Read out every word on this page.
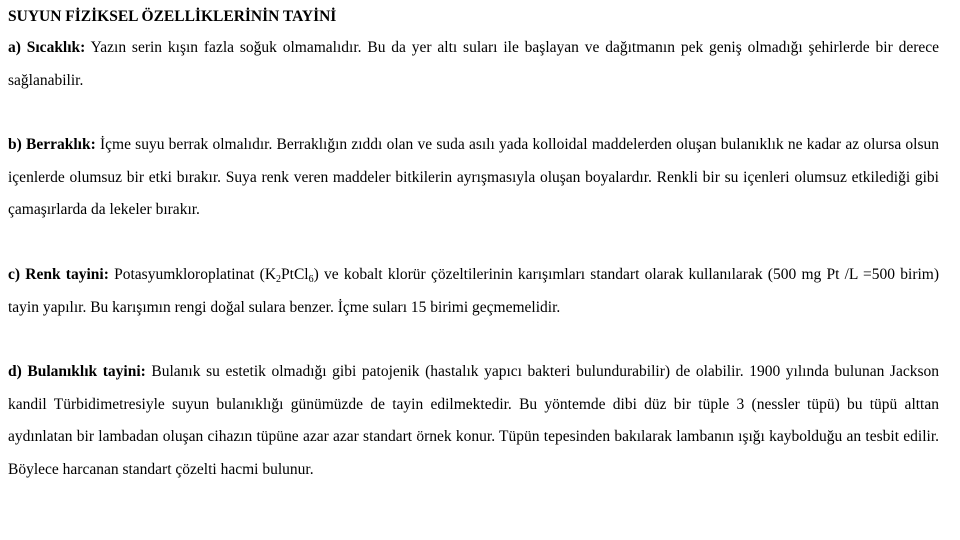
SUYUN FİZİKSEL ÖZELLİKLERİNİN TAYİNİ

a) Sıcaklık: Yazın serin kışın fazla soğuk olmamalıdır. Bu da yer altı suları ile başlayan ve dağıtmanın pek geniş olmadığı şehirlerde bir derece sağlanabilir.

b) Berraklık: İçme suyu berrak olmalıdır. Berraklığın zıddı olan ve suda asılı yada kolloidal maddelerden oluşan bulanıklık ne kadar az olursa olsun içenlerde olumsuz bir etki bırakır. Suya renk veren maddeler bitkilerin ayrışmasıyla oluşan boyalardır. Renkli bir su içenleri olumsuz etkilediği gibi çamaşırlarda da lekeler bırakır.

c) Renk tayini: Potasyumkloroplatinat $(K_2PtCl_6)$ ve kobalt klorür çözeltilerinin karışımları standart olarak kullanılarak (500 mg Pt /L =500 birim) tayin yapılır. Bu karışımın rengi doğal sulara benzer. İçme suları 15 birimi geçmemelidir.

d) Bulanıklık tayini: Bulanık su estetik olmadığı gibi patojenik (hastalık yapıcı bakteri bulundurabilir) de olabilir. 1900 yılında bulunan Jackson kandil Türbidimetresiyle suyun bulanıklığı günümüzde de tayin edilmektedir. Bu yöntemde dibi düz bir tüple 3 (nessler tüpü) bu tüpü alttan aydınlatan bir lambadan oluşan cihazın tüpüne azar azar standart örnek konur. Tüpün tepesinden bakılarak lambanın ışığı kaybolduğu an tesbit edilir. Böylece harcanan standart çözelti hacmi bulunur.
